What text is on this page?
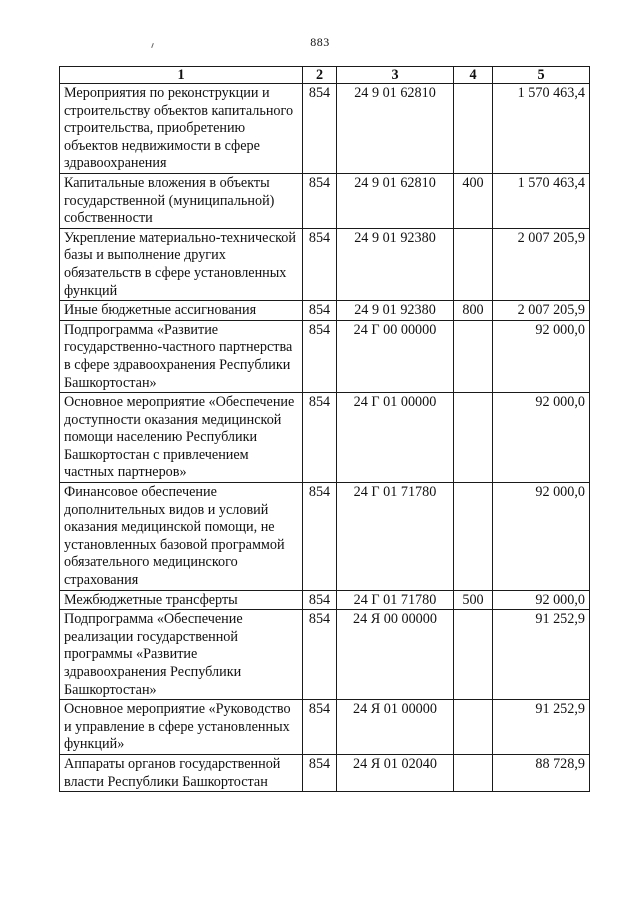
883
1	2	3	4	5
Мероприятия по реконструкции и строительству объектов капитального строительства, приобретению объектов недвижимости в сфере здравоохранения	854	24 9 01 62810		1 570 463,4
Капитальные вложения в объекты государственной (муниципальной) собственности	854	24 9 01 62810	400	1 570 463,4
Укрепление материально-технической базы и выполнение других обязательств в сфере установленных функций	854	24 9 01 92380		2 007 205,9
Иные бюджетные ассигнования	854	24 9 01 92380	800	2 007 205,9
Подпрограмма «Развитие государственно-частного партнерства в сфере здравоохранения Республики Башкортостан»	854	24 Г 00 00000		92 000,0
Основное мероприятие «Обеспечение доступности оказания медицинской помощи населению Республики Башкортостан с привлечением частных партнеров»	854	24 Г 01 00000		92 000,0
Финансовое обеспечение дополнительных видов и условий оказания медицинской помощи, не установленных базовой программой обязательного медицинского страхования	854	24 Г 01 71780		92 000,0
Межбюджетные трансферты	854	24 Г 01 71780	500	92 000,0
Подпрограмма «Обеспечение реализации государственной программы «Развитие здравоохранения Республики Башкортостан»	854	24 Я 00 00000		91 252,9
Основное мероприятие «Руководство и управление в сфере установленных функций»	854	24 Я 01 00000		91 252,9
Аппараты органов государственной власти Республики Башкортостан	854	24 Я 01 02040		88 728,9
